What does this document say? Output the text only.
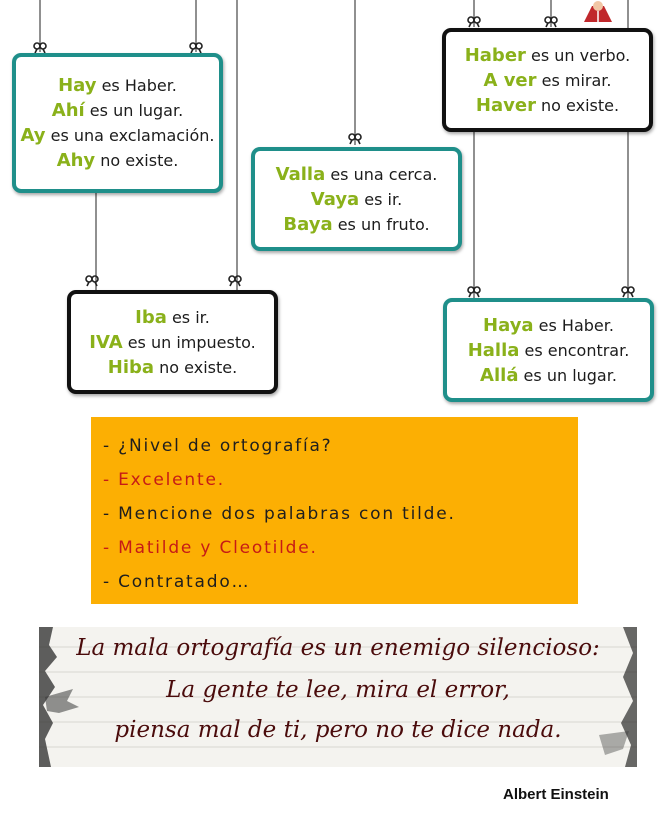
Hay es Haber.
Ahí es un lugar.
Ay es una exclamación.
Ahy no existe.
Valla es una cerca.
Vaya es ir.
Baya es un fruto.
Haber es un verbo.
A ver es mirar.
Haver no existe.
Iba es ir.
IVA es un impuesto.
Hiba no existe.
Haya es Haber.
Halla es encontrar.
Allá es un lugar.
- ¿Nivel de ortografía?
- Excelente.
- Mencione dos palabras con tilde.
- Matilde y Cleotilde.
- Contratado…
La mala ortografía es un enemigo silencioso:
La gente te lee, mira el error,
piensa mal de ti, pero no te dice nada.
Albert Einstein
